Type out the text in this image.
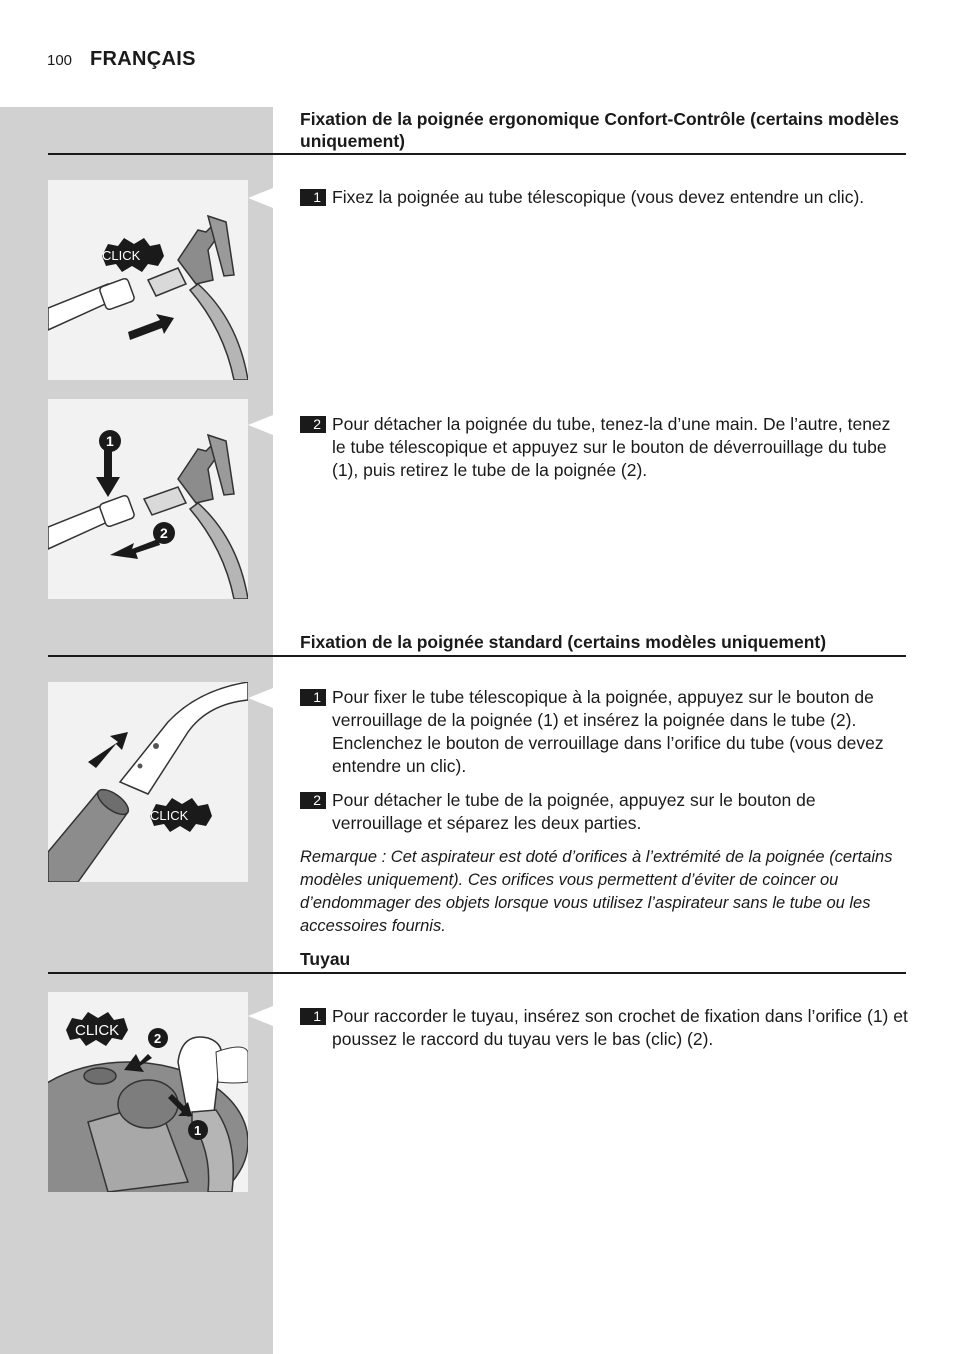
100 FRANÇAIS
Fixation de la poignée ergonomique Confort-Contrôle (certains modèles uniquement)
CLICK
1 Fixez la poignée au tube télescopique (vous devez entendre un clic).
1
2
2 Pour détacher la poignée du tube, tenez-la d’une main. De l’autre, tenez le tube télescopique et appuyez sur le bouton de déverrouillage du tube (1), puis retirez le tube de la poignée (2).
Fixation de la poignée standard (certains modèles uniquement)
CLICK
1 Pour fixer le tube télescopique à la poignée, appuyez sur le bouton de verrouillage de la poignée (1) et insérez la poignée dans le tube (2). Enclenchez le bouton de verrouillage dans l’orifice du tube (vous devez entendre un clic).
2 Pour détacher le tube de la poignée, appuyez sur le bouton de verrouillage et séparez les deux parties.
Remarque : Cet aspirateur est doté d’orifices à l’extrémité de la poignée (certains modèles uniquement). Ces orifices vous permettent d’éviter de coincer ou d’endommager des objets lorsque vous utilisez l’aspirateur sans le tube ou les accessoires fournis.
Tuyau
CLICK	2
1
1 Pour raccorder le tuyau, insérez son crochet de fixation dans l’orifice (1) et poussez le raccord du tuyau vers le bas (clic) (2).
